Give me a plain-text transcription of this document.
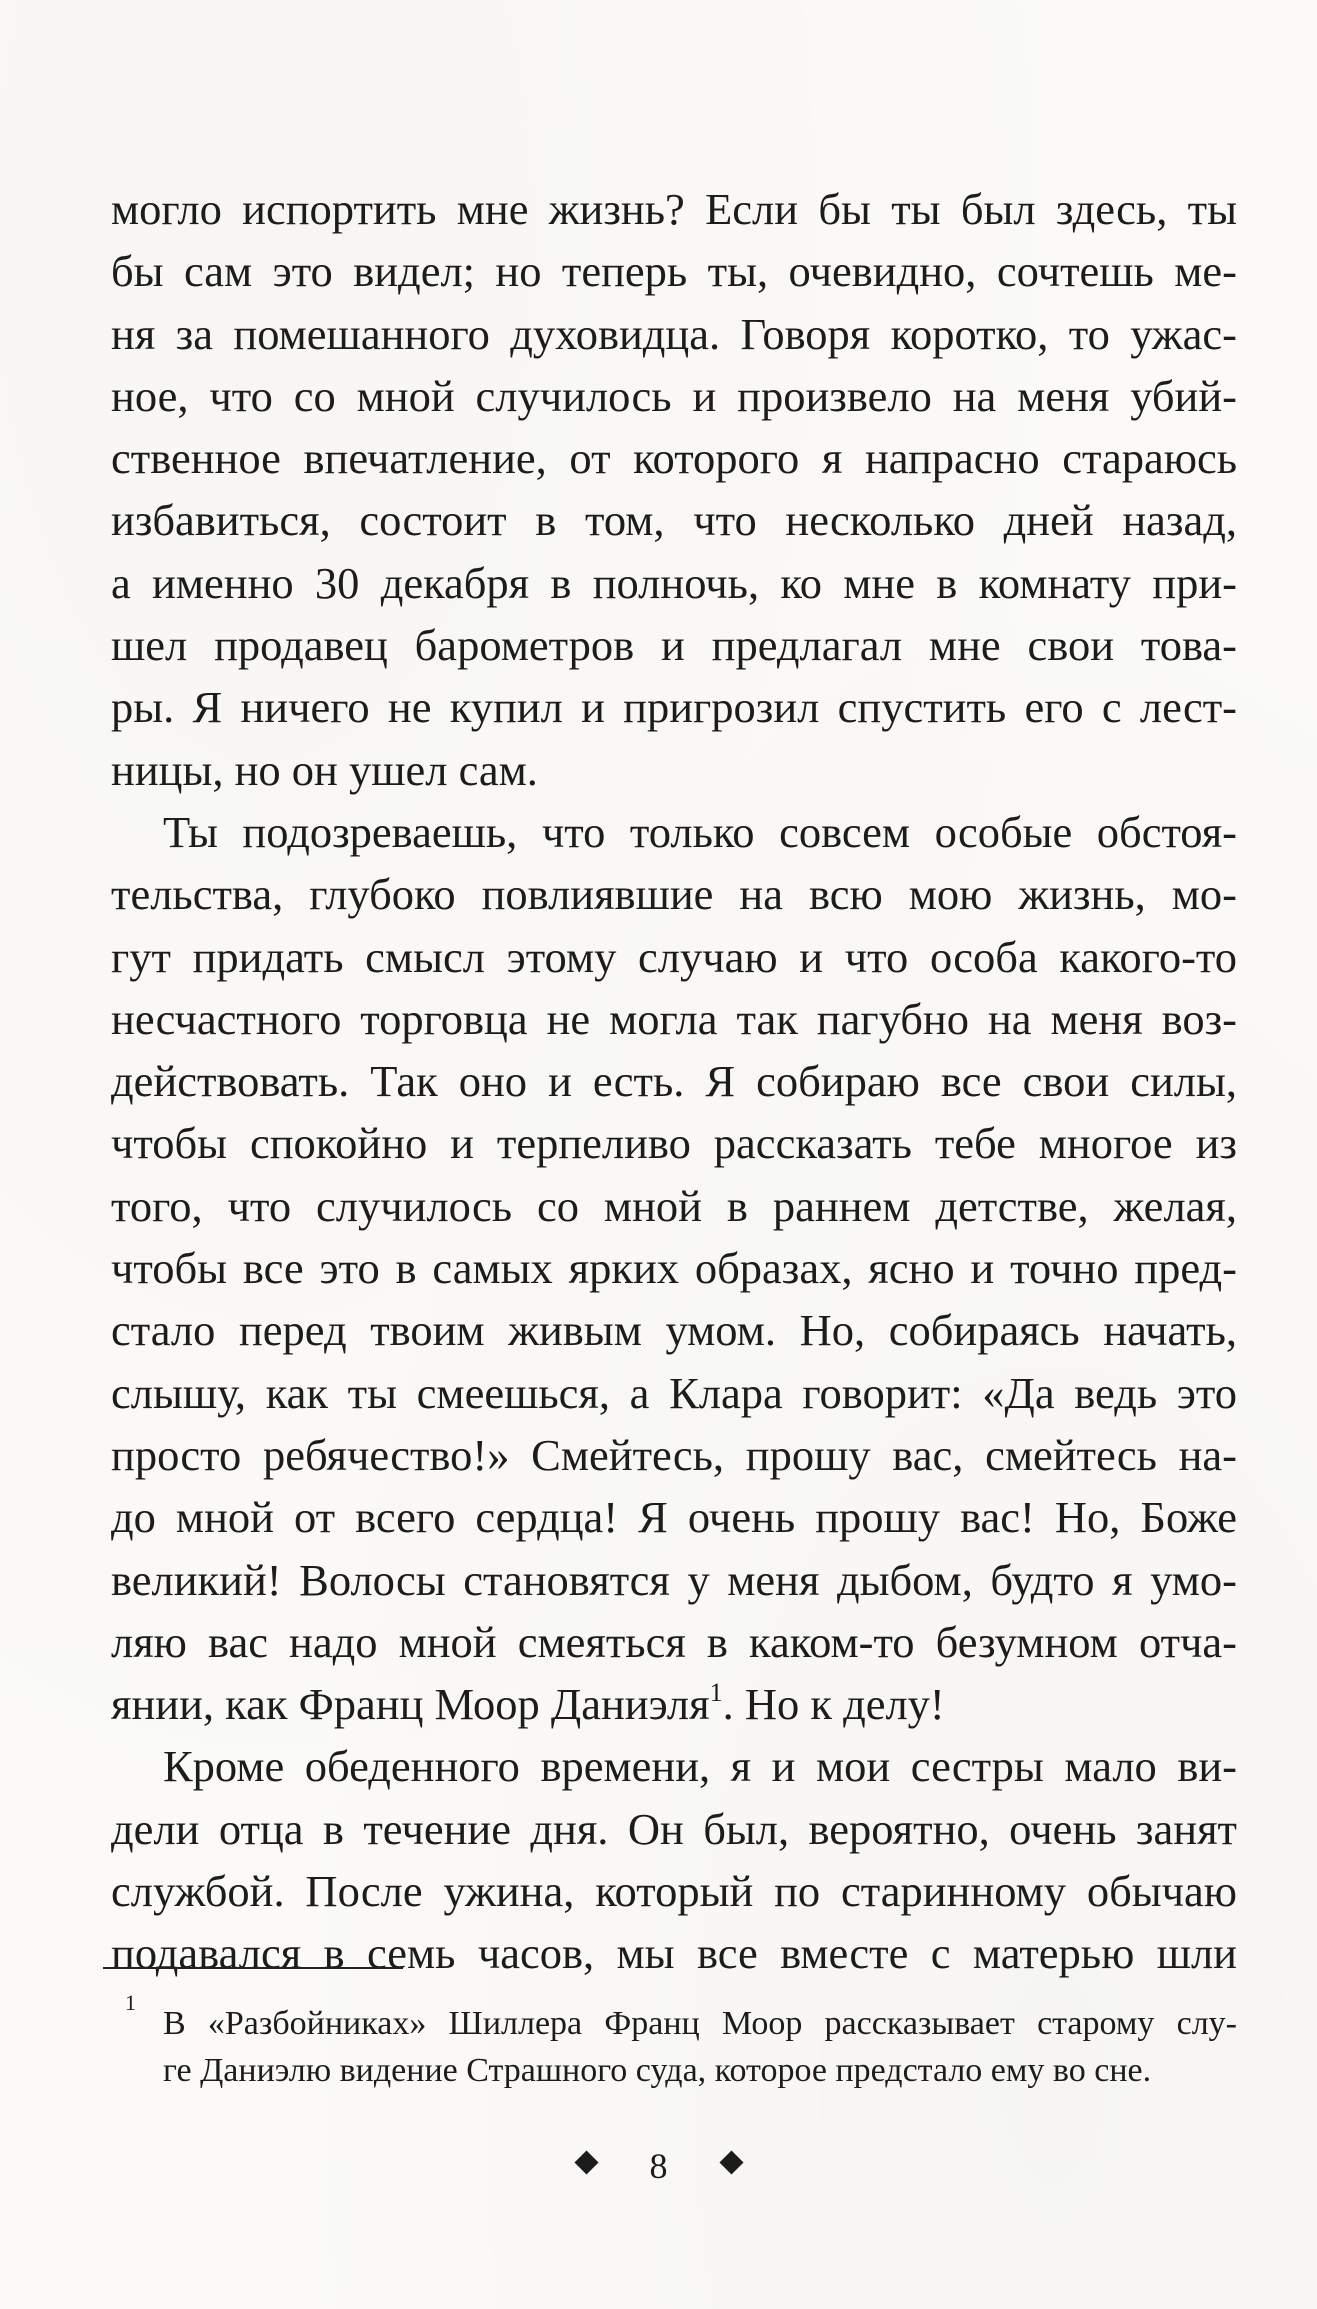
могло испортить мне жизнь? Если бы ты был здесь, ты
бы сам это видел; но теперь ты, очевидно, сочтешь ме-
ня за помешанного духовидца. Говоря коротко, то ужас-
ное, что со мной случилось и произвело на меня убий-
ственное впечатление, от которого я напрасно стараюсь
избавиться, состоит в том, что несколько дней назад,
а именно 30 декабря в полночь, ко мне в комнату при-
шел продавец барометров и предлагал мне свои това-
ры. Я ничего не купил и пригрозил спустить его с лест-
ницы, но он ушел сам.
Ты подозреваешь, что только совсем особые обстоя-
тельства, глубоко повлиявшие на всю мою жизнь, мо-
гут придать смысл этому случаю и что особа какого-то
несчастного торговца не могла так пагубно на меня воз-
действовать. Так оно и есть. Я собираю все свои силы,
чтобы спокойно и терпеливо рассказать тебе многое из
того, что случилось со мной в раннем детстве, желая,
чтобы все это в самых ярких образах, ясно и точно пред-
стало перед твоим живым умом. Но, собираясь начать,
слышу, как ты смеешься, а Клара говорит: «Да ведь это
просто ребячество!» Смейтесь, прошу вас, смейтесь на-
до мной от всего сердца! Я очень прошу вас! Но, Боже
великий! Волосы становятся у меня дыбом, будто я умо-
ляю вас надо мной смеяться в каком-то безумном отча-
янии, как Франц Моор Даниэля$^1$. Но к делу!
Кроме обеденного времени, я и мои сестры мало ви-
дели отца в течение дня. Он был, вероятно, очень занят
службой. После ужина, который по старинному обычаю
подавался в семь часов, мы все вместе с матерью шли
1
В «Разбойниках» Шиллера Франц Моор рассказывает старому слу-
ге Даниэлю видение Страшного суда, которое предстало ему во сне.
8
